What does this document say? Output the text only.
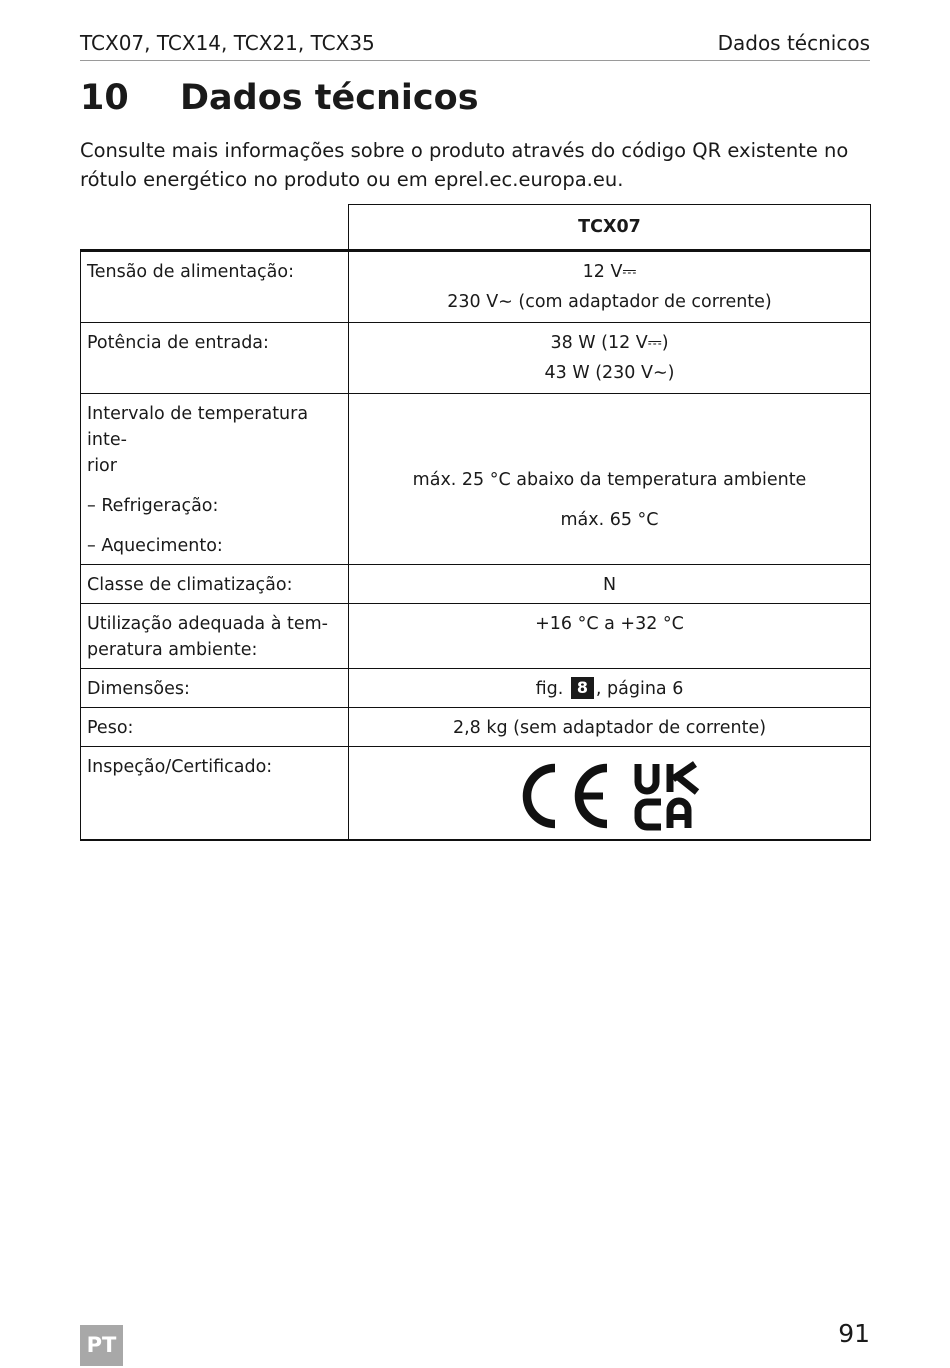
TCX07, TCX14, TCX21, TCX35	Dados técnicos
10 Dados técnicos
Consulte mais informações sobre o produto através do código QR existente no
rótulo energético no produto ou em eprel.ec.europa.eu.
	TCX07
Tensão de alimentação:	12 V⎓
230 V∼ (com adaptador de corrente)

Potência de entrada:	38 W (12 V⎓)
43 W (230 V∼)

Intervalo de temperatura inte-
rior
– Refrigeração:
– Aquecimento:	máx. 25 °C abaixo da temperatura ambiente
máx. 65 °C

Classe de climatização:	N

Utilização adequada à tem-
peratura ambiente:	+16 °C a +32 °C
Dimensões:	fig. 8 , página 6
Peso:	2,8 kg (sem adaptador de corrente)
Inspeção/Certificado:	
PT	91
